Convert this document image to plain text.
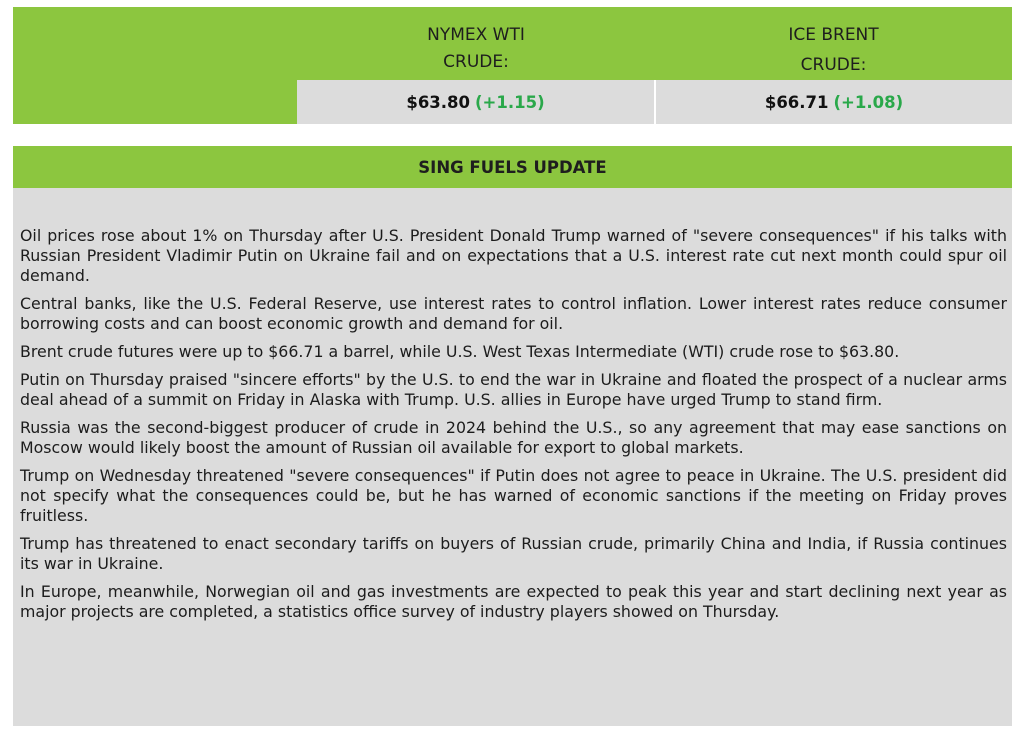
NYMEX WTI
CRUDE:
ICE BRENT
CRUDE:
$63.80 (+1.15)	$66.71 (+1.08)
SING FUELS UPDATE

Oil prices rose about 1% on Thursday after U.S. President Donald Trump warned of "severe consequences" if his talks with Russian President Vladimir Putin on Ukraine fail and on expectations that a U.S. interest rate cut next month could spur oil demand.

Central banks, like the U.S. Federal Reserve, use interest rates to control inflation. Lower interest rates reduce consumer borrowing costs and can boost economic growth and demand for oil.

Brent crude futures were up to $66.71 a barrel, while U.S. West Texas Intermediate (WTI) crude rose to $63.80.

Putin on Thursday praised "sincere efforts" by the U.S. to end the war in Ukraine and floated the prospect of a nuclear arms deal ahead of a summit on Friday in Alaska with Trump. U.S. allies in Europe have urged Trump to stand firm.

Russia was the second-biggest producer of crude in 2024 behind the U.S., so any agreement that may ease sanctions on Moscow would likely boost the amount of Russian oil available for export to global markets.

Trump on Wednesday threatened "severe consequences" if Putin does not agree to peace in Ukraine. The U.S. president did not specify what the consequences could be, but he has warned of economic sanctions if the meeting on Friday proves fruitless.

Trump has threatened to enact secondary tariffs on buyers of Russian crude, primarily China and India, if Russia continues its war in Ukraine.

In Europe, meanwhile, Norwegian oil and gas investments are expected to peak this year and start declining next year as major projects are completed, a statistics office survey of industry players showed on Thursday.
